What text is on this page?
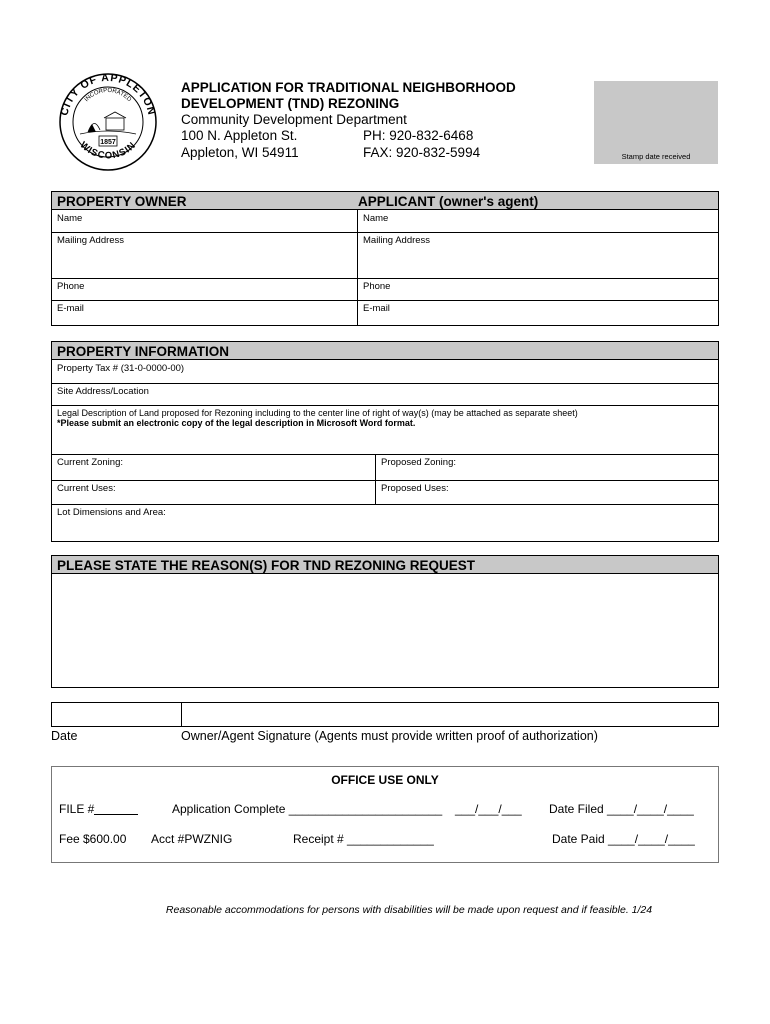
CITY OF APPLETON
WISCONSIN
INCORPORATED
1857
APPLICATION FOR TRADITIONAL NEIGHBORHOOD
DEVELOPMENT (TND) REZONING
Community Development Department
100 N. Appleton St.
Appleton, WI 54911
PH: 920-832-6468
FAX: 920-832-5994	Stamp date received
PROPERTY OWNER	APPLICANT (owner's agent)
Name	Name
Mailing Address	Mailing Address
Phone	Phone
E-mail	E-mail
PROPERTY INFORMATION
Property Tax # (31-0-0000-00)
Site Address/Location
Legal Description of Land proposed for Rezoning including to the center line of right of way(s) (may be attached as separate sheet)
*Please submit an electronic copy of the legal description in Microsoft Word format.
Current Zoning:	Proposed Zoning:
Current Uses:	Proposed Uses:
Lot Dimensions and Area:
PLEASE STATE THE REASON(S) FOR TND REZONING REQUEST
Date	Owner/Agent Signature (Agents must provide written proof of authorization)
OFFICE USE ONLY
FILE #	Application Complete _______________________ ___/___/___ Date Filed ____/____/____
Fee $600.00 Acct #PWZNIG	Receipt # _____________	Date Paid ____/____/____
Reasonable accommodations for persons with disabilities will be made upon request and if feasible. 1/24
